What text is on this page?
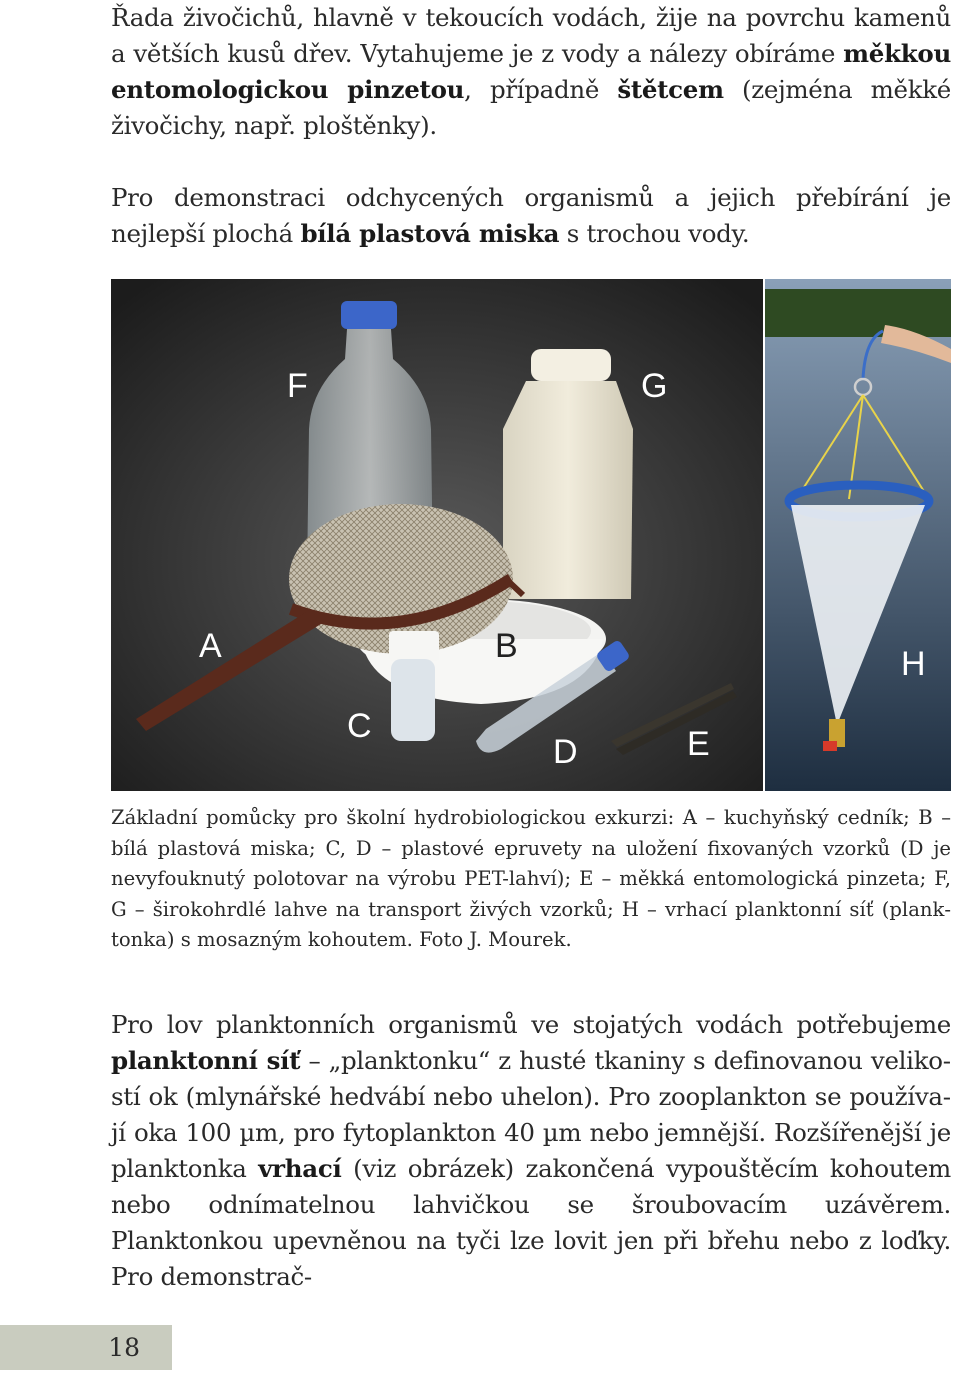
Řada živočichů, hlavně v tekoucích vodách, žije na povrchu kamenů a větších kusů dřev. Vytahujeme je z vody a nálezy obíráme měkkou entomologickou pinzetou, případně štětcem (zejména měkké živočichy, např. ploštěnky).

Pro demonstraci odchycených organismů a jejich přebírání je nejlepší plochá bílá plastová miska s trochou vody.

F	G
A	B
C
D	E
H

Základní pomůcky pro školní hydrobiologickou exkurzi: A – kuchyňský cedník; B – bílá plastová miska; C, D – plastové epruvety na uložení fixovaných vzorků (D je nevyfouknutý polotovar na výrobu PET-lahví); E – měkká entomologická pinzeta; F, G – širokohrdlé lahve na transport živých vzorků; H – vrhací planktonní síť (planktonka) s mosazným kohoutem. Foto J. Mourek.

Pro lov planktonních organismů ve stojatých vodách potřebujeme planktonní síť – „planktonku“ z husté tkaniny s definovanou velikostí ok (mlynářské hedvábí nebo uhelon). Pro zooplankton se používají oka 100 µm, pro fytoplankton 40 µm nebo jemnější. Rozšířenější je planktonka vrhací (viz obrázek) zakončená vypouštěcím kohoutem nebo odnímatelnou lahvičkou se šroubovacím uzávěrem. Planktonkou upevněnou na tyči lze lovit jen při břehu nebo z loďky. Pro demonstrač-

18
